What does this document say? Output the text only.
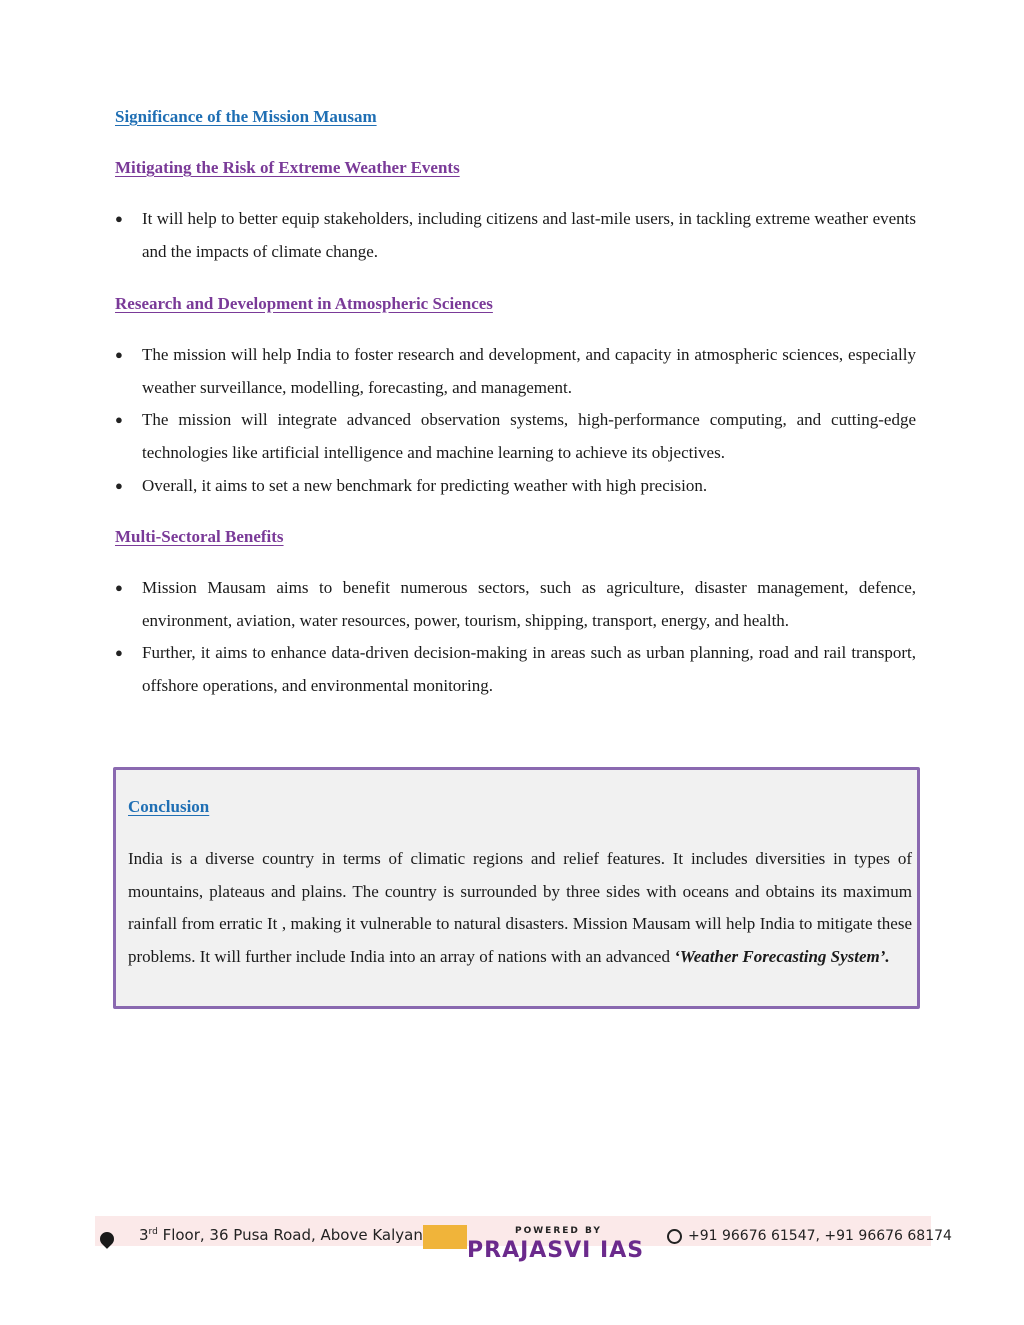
Significance of the Mission Mausam
Mitigating the Risk of Extreme Weather Events
● It will help to better equip stakeholders, including citizens and last-mile users, in tackling extreme weather events and the impacts of climate change.
Research and Development in Atmospheric Sciences
● The mission will help India to foster research and development, and capacity in atmospheric sciences, especially weather surveillance, modelling, forecasting, and management.
● The mission will integrate advanced observation systems, high-performance computing, and cutting-edge technologies like artificial intelligence and machine learning to achieve its objectives.
● Overall, it aims to set a new benchmark for predicting weather with high precision.
Multi-Sectoral Benefits
● Mission Mausam aims to benefit numerous sectors, such as agriculture, disaster management, defence, environment, aviation, water resources, power, tourism, shipping, transport, energy, and health.
● Further, it aims to enhance data-driven decision-making in areas such as urban planning, road and rail transport, offshore operations, and environmental monitoring.
Conclusion
India is a diverse country in terms of climatic regions and relief features. It includes diversities in types of mountains, plateaus and plains. The country is surrounded by three sides with oceans and obtains its maximum rainfall from erratic It , making it vulnerable to natural disasters. Mission Mausam will help India to mitigate these problems. It will further include India into an array of nations with an advanced ‘Weather Forecasting System’.
3rd Floor, 36 Pusa Road, Above Kalyan	POWERED BY
PRAJASVI IAS
+91 96676 61547, +91 96676 68174
